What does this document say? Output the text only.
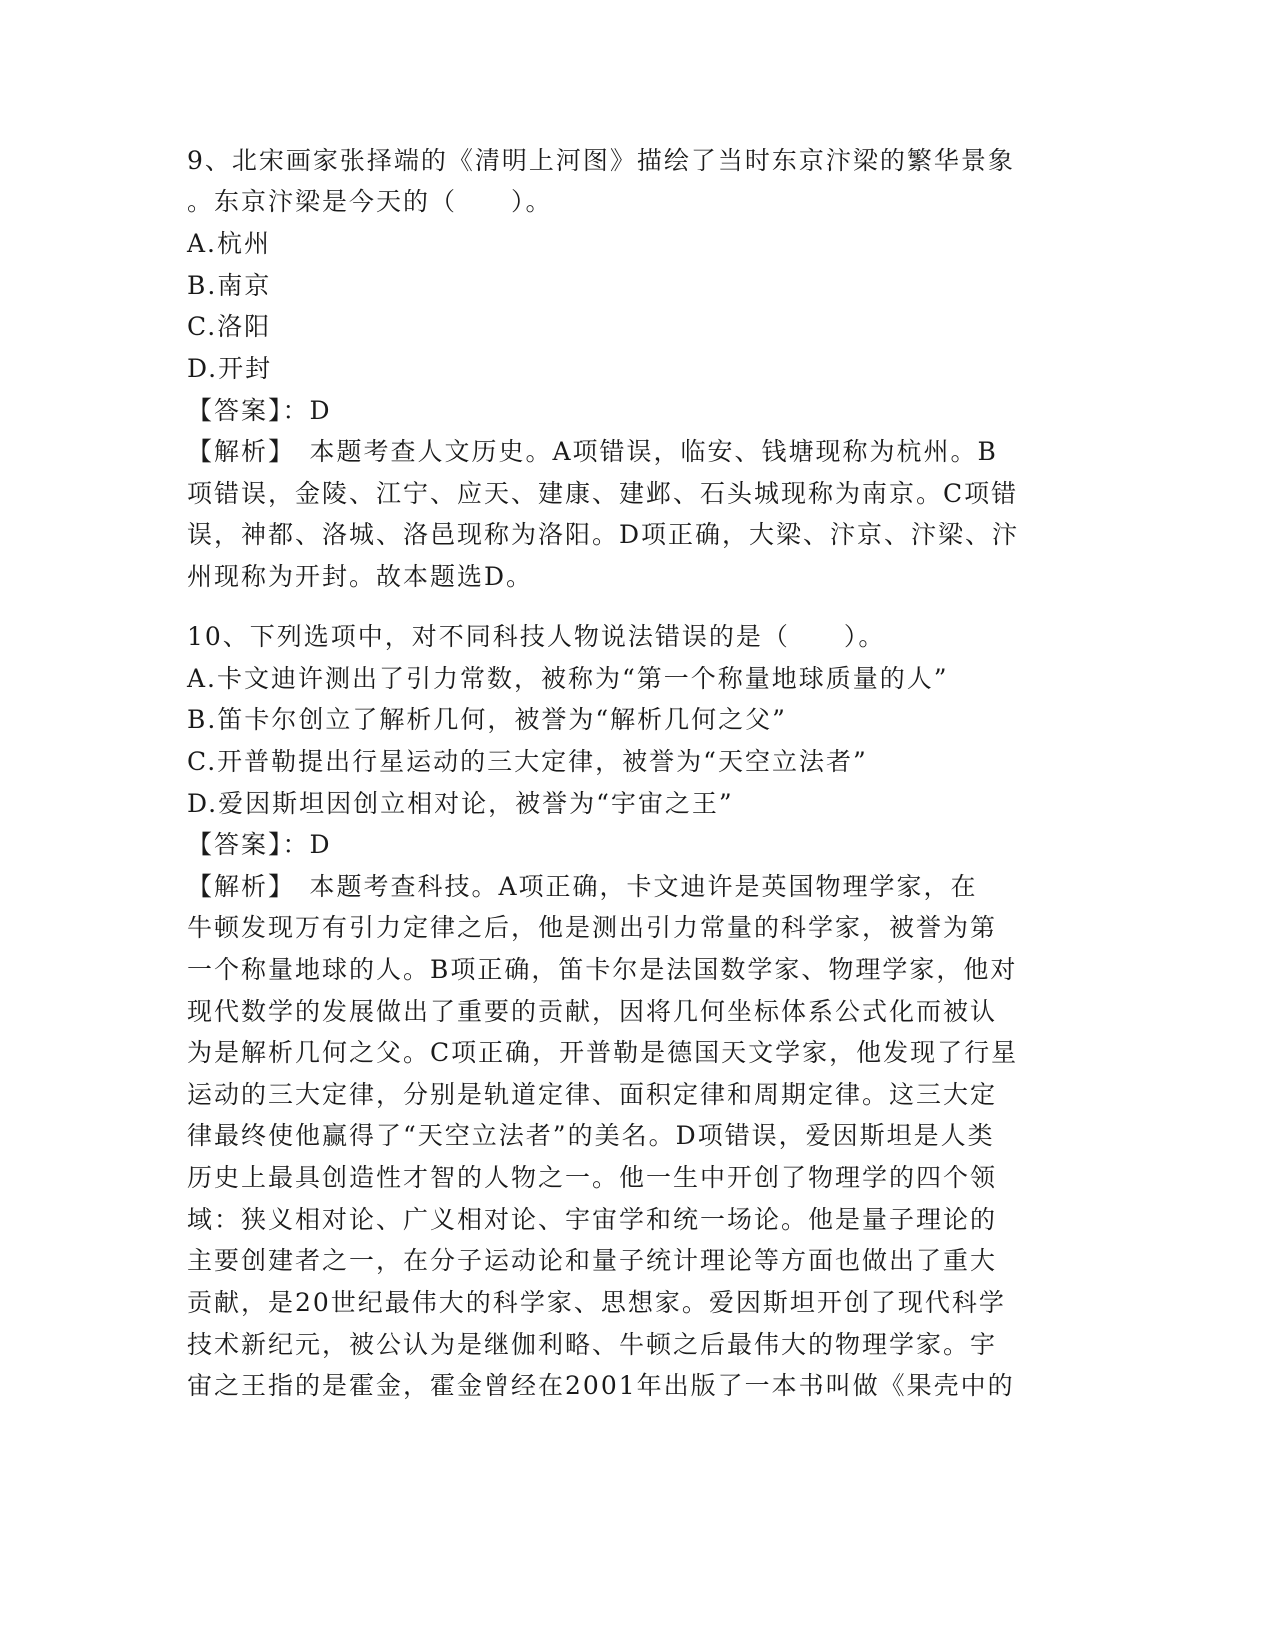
9、北宋画家张择端的《清明上河图》描绘了当时东京汴梁的繁华景象
。东京汴梁是今天的（　　）。
A.杭州
B.南京
C.洛阳
D.开封
【答案】：D
【解析】　本题考查人文历史。A项错误，临安、钱塘现称为杭州。B
项错误，金陵、江宁、应天、建康、建邺、石头城现称为南京。C项错
误，神都、洛城、洛邑现称为洛阳。D项正确，大梁、汴京、汴梁、汴
州现称为开封。故本题选D。
10、下列选项中，对不同科技人物说法错误的是（　　）。
A.卡文迪许测出了引力常数，被称为“第一个称量地球质量的人”
B.笛卡尔创立了解析几何，被誉为“解析几何之父”
C.开普勒提出行星运动的三大定律，被誉为“天空立法者”
D.爱因斯坦因创立相对论，被誉为“宇宙之王”
【答案】：D
【解析】　本题考查科技。A项正确，卡文迪许是英国物理学家，在
牛顿发现万有引力定律之后，他是测出引力常量的科学家，被誉为第
一个称量地球的人。B项正确，笛卡尔是法国数学家、物理学家，他对
现代数学的发展做出了重要的贡献，因将几何坐标体系公式化而被认
为是解析几何之父。C项正确，开普勒是德国天文学家，他发现了行星
运动的三大定律，分别是轨道定律、面积定律和周期定律。这三大定
律最终使他赢得了“天空立法者”的美名。D项错误，爱因斯坦是人类
历史上最具创造性才智的人物之一。他一生中开创了物理学的四个领
域：狭义相对论、广义相对论、宇宙学和统一场论。他是量子理论的
主要创建者之一，在分子运动论和量子统计理论等方面也做出了重大
贡献，是20世纪最伟大的科学家、思想家。爱因斯坦开创了现代科学
技术新纪元，被公认为是继伽利略、牛顿之后最伟大的物理学家。宇
宙之王指的是霍金，霍金曾经在2001年出版了一本书叫做《果壳中的
